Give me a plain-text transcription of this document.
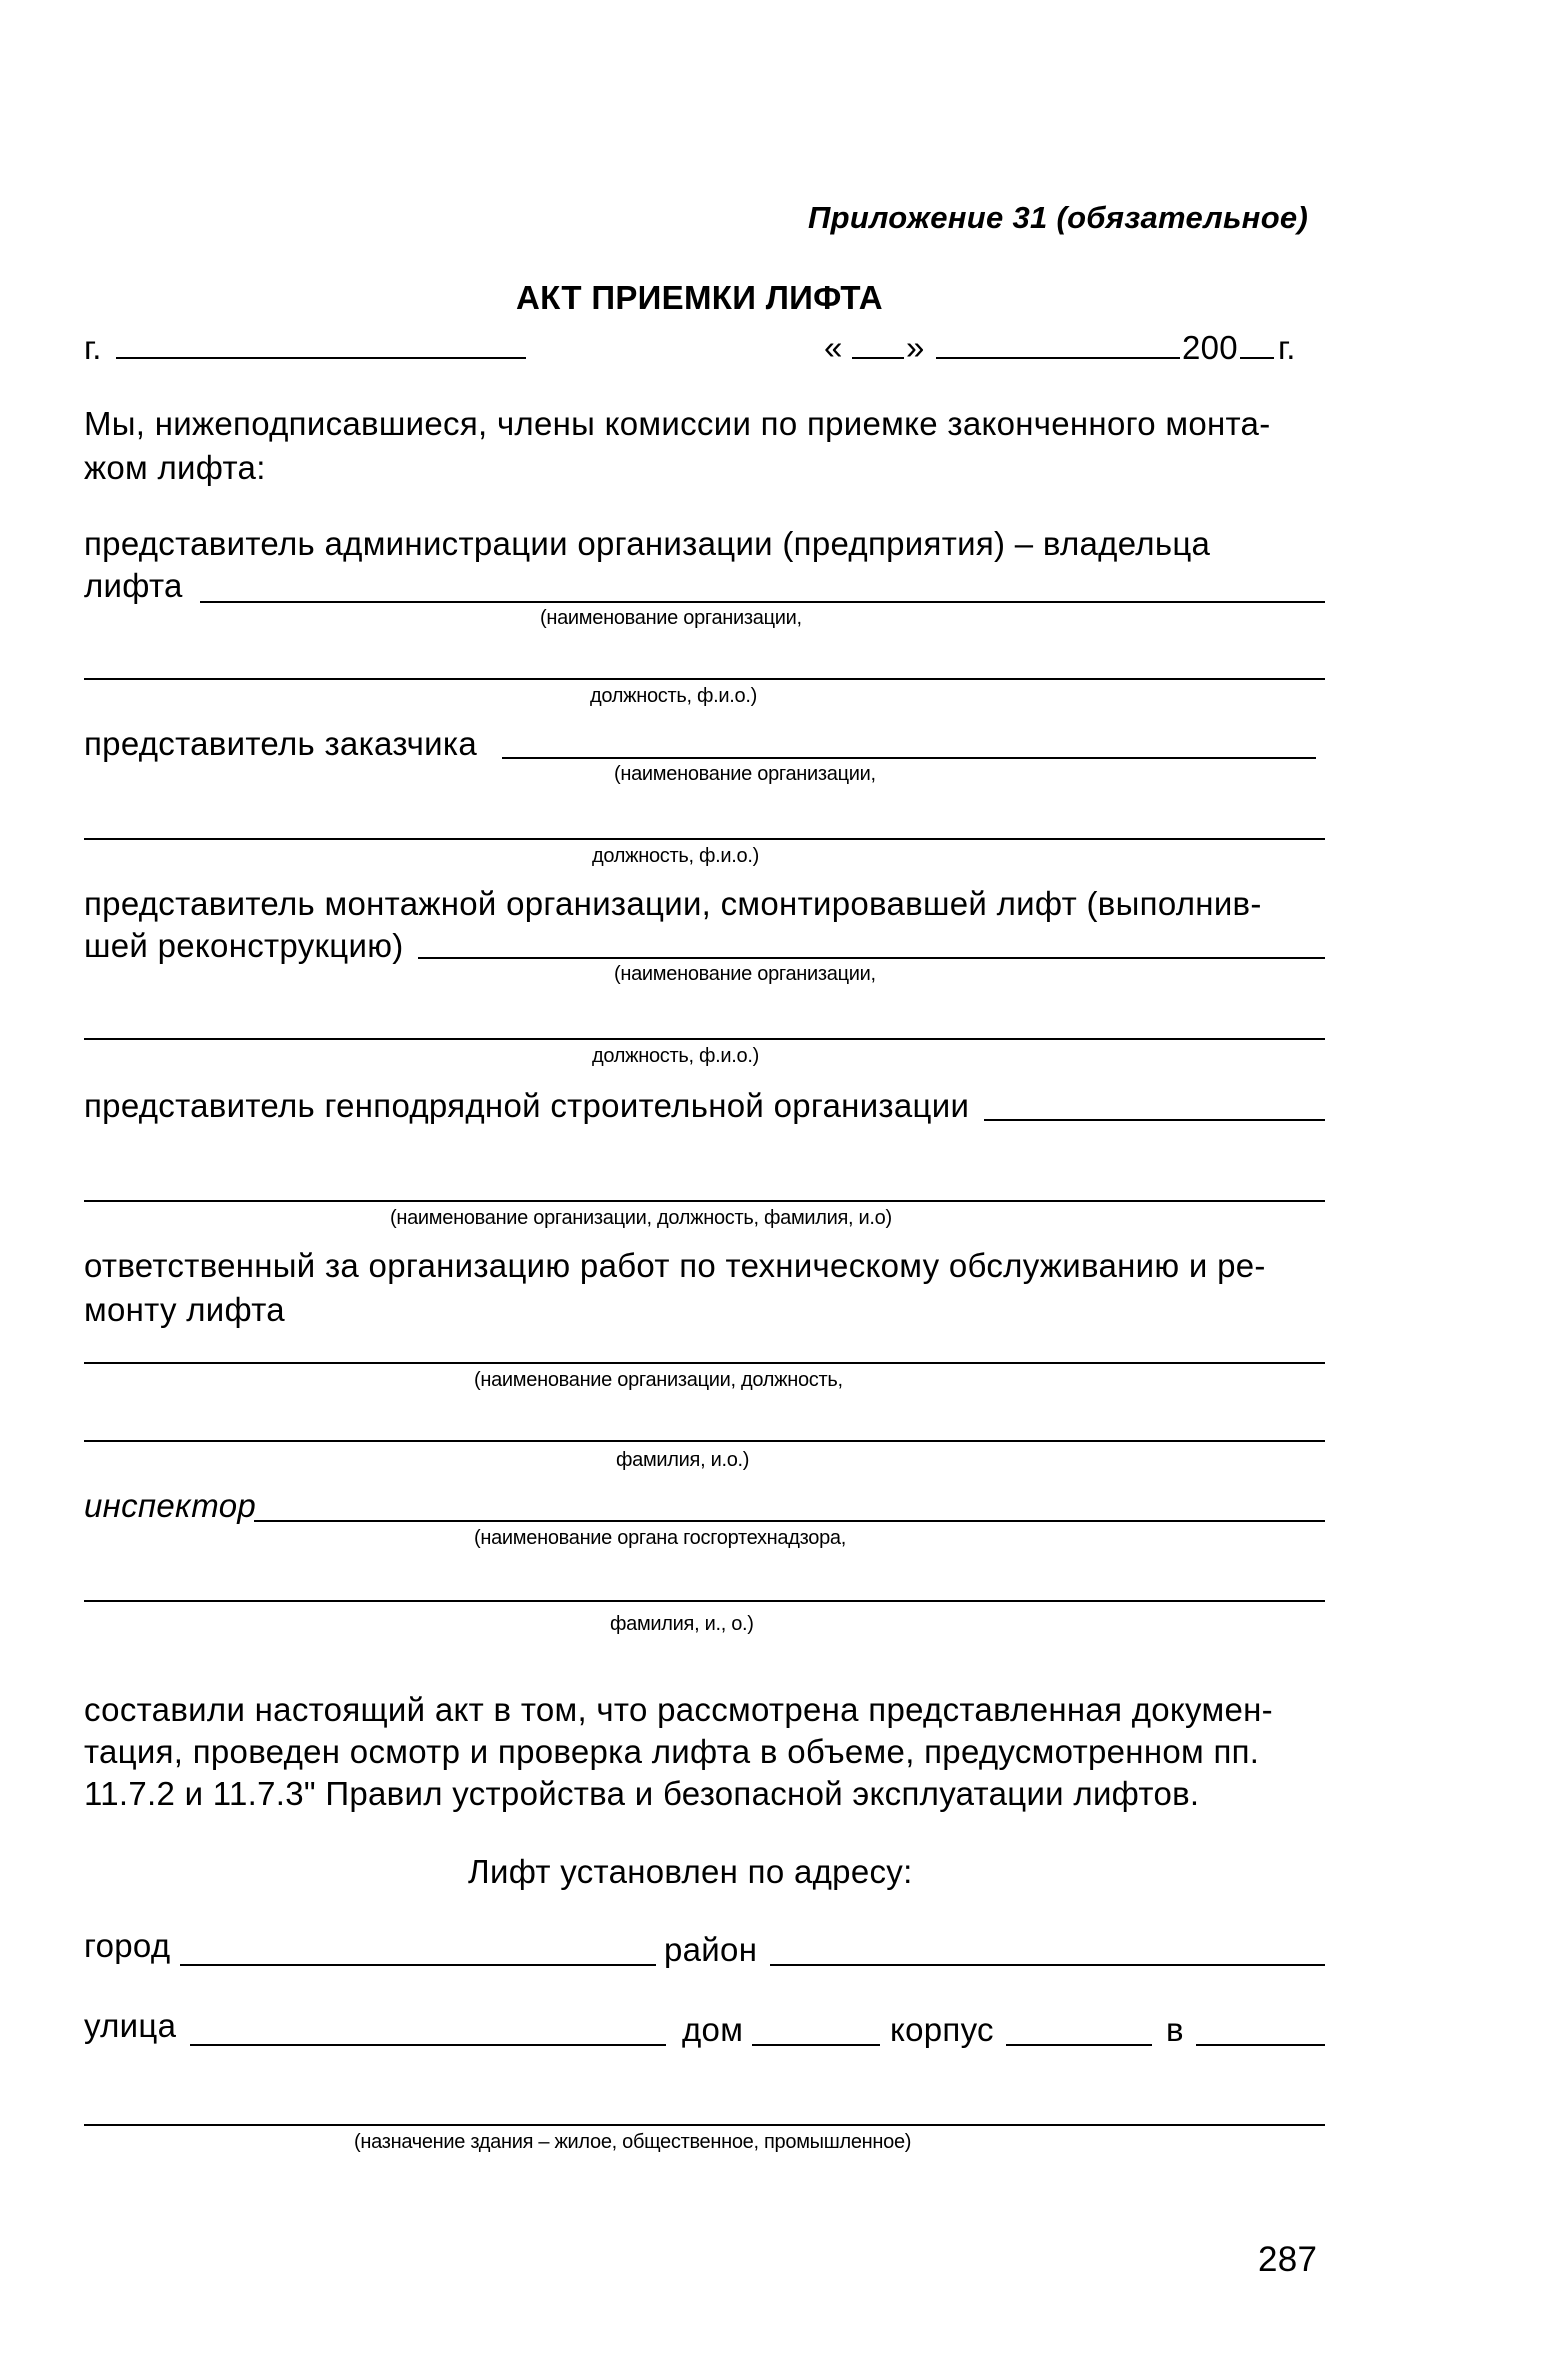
Приложение 31 (обязательное)
АКТ ПРИЕМКИ ЛИФТА
г.	« »	200 г.
Мы, нижеподписавшиеся, члены комиссии по приемке законченного монта-
жом лифта:
представитель администрации организации (предприятия) – владельца
лифта
(наименование организации,
должность, ф.и.о.)
представитель заказчика
(наименование организации,
должность, ф.и.о.)
представитель монтажной организации, смонтировавшей лифт (выполнив-
шей реконструкцию)
(наименование организации,
должность, ф.и.о.)
представитель генподрядной строительной организации
(наименование организации, должность, фамилия, и.о)
ответственный за организацию работ по техническому обслуживанию и ре-
монту лифта
(наименование организации, должность,
фамилия, и.о.)
инспектор
(наименование органа госгортехнадзора,
фамилия, и., о.)
составили настоящий акт в том, что рассмотрена представленная докумен-
тация, проведен осмотр и проверка лифта в объеме, предусмотренном пп.
11.7.2 и 11.7.3" Правил устройства и безопасной эксплуатации лифтов.
Лифт установлен по адресу:
город	район
улица	дом	корпус	в
(назначение здания – жилое, общественное, промышленное)
287
